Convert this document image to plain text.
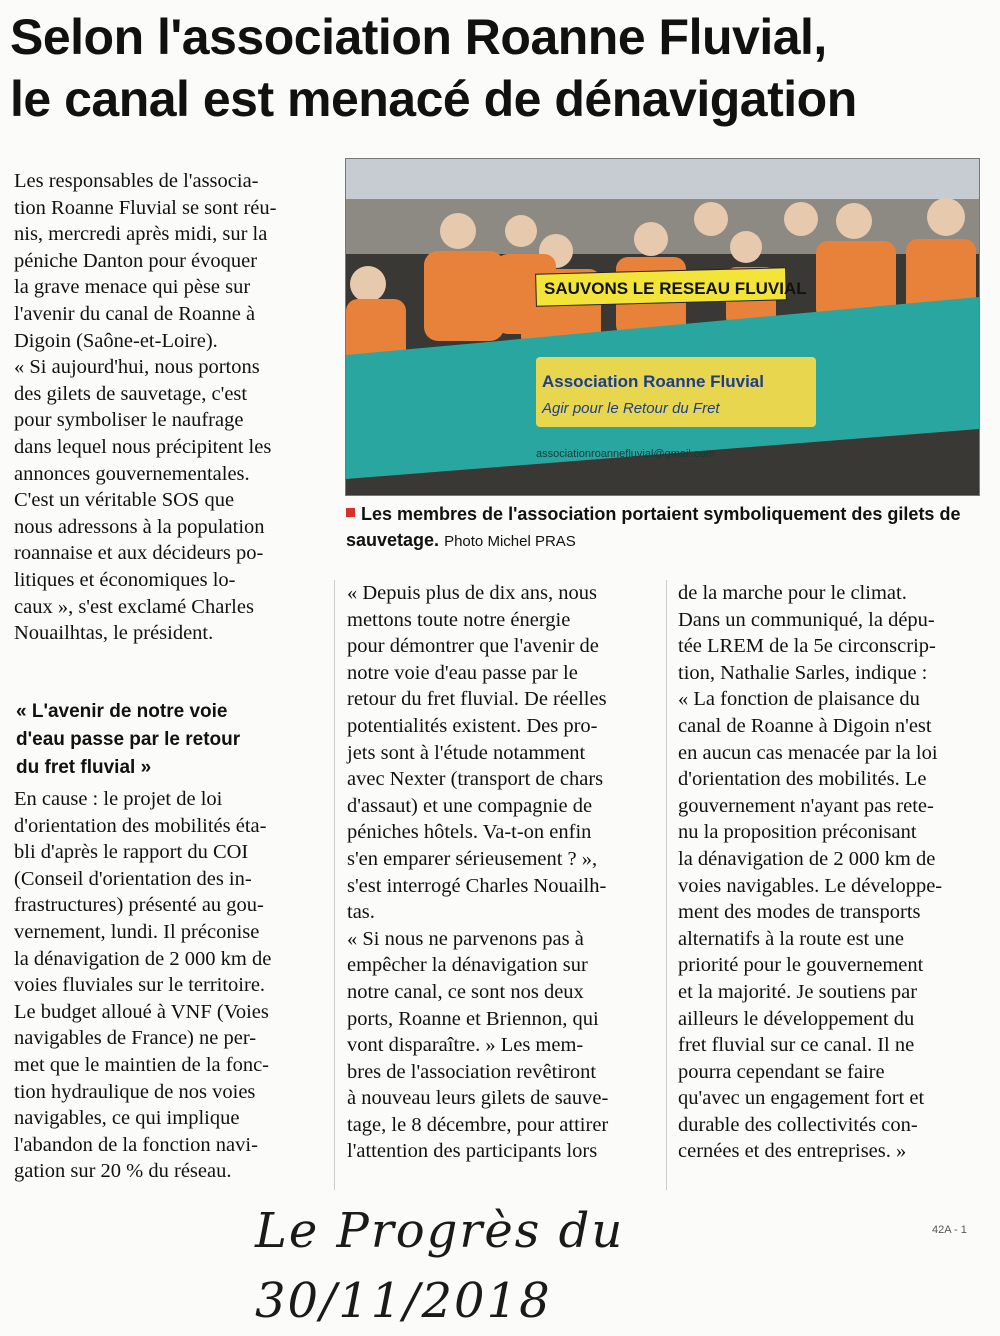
Selon l'association Roanne Fluvial,
le canal est menacé de dénavigation
Les responsables de l'associa-
tion Roanne Fluvial se sont réu-
nis, mercredi après midi, sur la
péniche Danton pour évoquer
la grave menace qui pèse sur
l'avenir du canal de Roanne à
Digoin (Saône-et-Loire).
« Si aujourd'hui, nous portons
des gilets de sauvetage, c'est
pour symboliser le naufrage
dans lequel nous précipitent les
annonces gouvernementales.
C'est un véritable SOS que
nous adressons à la population
roannaise et aux décideurs po-
litiques et économiques lo-
caux », s'est exclamé Charles
Nouailhtas, le président.
« L'avenir de notre voie
d'eau passe par le retour
du fret fluvial »
En cause : le projet de loi
d'orientation des mobilités éta-
bli d'après le rapport du COI
(Conseil d'orientation des in-
frastructures) présenté au gou-
vernement, lundi. Il préconise
la dénavigation de 2 000 km de
voies fluviales sur le territoire.
Le budget alloué à VNF (Voies
navigables de France) ne per-
met que le maintien de la fonc-
tion hydraulique de nos voies
navigables, ce qui implique
l'abandon de la fonction navi-
gation sur 20 % du réseau.
SAUVONS LE RESEAU FLUVIAL
Association Roanne Fluvial
Agir pour le Retour du Fret
associationroannefluvial@gmail.com
Les membres de l'association portaient symboliquement des gilets de sauvetage. Photo Michel PRAS
« Depuis plus de dix ans, nous
mettons toute notre énergie
pour démontrer que l'avenir de
notre voie d'eau passe par le
retour du fret fluvial. De réelles
potentialités existent. Des pro-
jets sont à l'étude notamment
avec Nexter (transport de chars
d'assaut) et une compagnie de
péniches hôtels. Va-t-on enfin
s'en emparer sérieusement ? »,
s'est interrogé Charles Nouailh-
tas.
« Si nous ne parvenons pas à
empêcher la dénavigation sur
notre canal, ce sont nos deux
ports, Roanne et Briennon, qui
vont disparaître. » Les mem-
bres de l'association revêtiront
à nouveau leurs gilets de sauve-
tage, le 8 décembre, pour attirer
l'attention des participants lors
de la marche pour le climat.
Dans un communiqué, la dépu-
tée LREM de la 5e circonscrip-
tion, Nathalie Sarles, indique :
« La fonction de plaisance du
canal de Roanne à Digoin n'est
en aucun cas menacée par la loi
d'orientation des mobilités. Le
gouvernement n'ayant pas rete-
nu la proposition préconisant
la dénavigation de 2 000 km de
voies navigables. Le développe-
ment des modes de transports
alternatifs à la route est une
priorité pour le gouvernement
et la majorité. Je soutiens par
ailleurs le développement du
fret fluvial sur ce canal. Il ne
pourra cependant se faire
qu'avec un engagement fort et
durable des collectivités con-
cernées et des entreprises. »
Le Progrès du 30/11/2018
42A - 1
